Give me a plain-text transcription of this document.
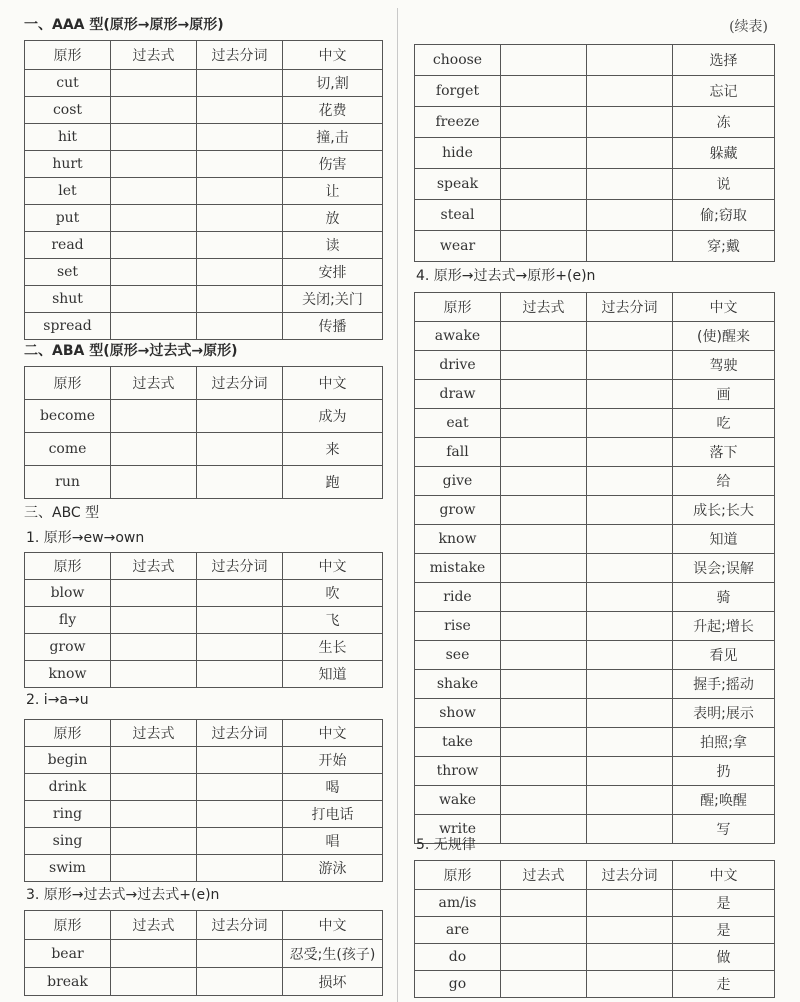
一、AAA 型(原形→原形→原形)
原形	过去式	过去分词	中文
cut			切,割
cost			花费
hit			撞,击
hurt			伤害
let			让
put			放
read			读
set			安排
shut			关闭;关门
spread			传播
二、ABA 型(原形→过去式→原形)
原形	过去式	过去分词	中文
become			成为
come			来
run			跑
三、ABC 型
1. 原形→ew→own
原形	过去式	过去分词	中文
blow			吹
fly			飞
grow			生长
know			知道
2. i→a→u
原形	过去式	过去分词	中文
begin			开始
drink			喝
ring			打电话
sing			唱
swim			游泳
3. 原形→过去式→过去式+(e)n
原形	过去式	过去分词	中文
bear			忍受;生(孩子)
break			损坏
(续表)
choose			选择
forget			忘记
freeze			冻
hide			躲藏
speak			说
steal			偷;窃取
wear			穿;戴
4. 原形→过去式→原形+(e)n
原形	过去式	过去分词	中文
awake			(使)醒来
drive			驾驶
draw			画
eat			吃
fall			落下
give			给
grow			成长;长大
know			知道
mistake			误会;误解
ride			骑
rise			升起;增长
see			看见
shake			握手;摇动
show			表明;展示
take			拍照;拿
throw			扔
wake			醒;唤醒
write			写
5. 无规律
原形	过去式	过去分词	中文
am/is			是
are			是
do			做
go			走
